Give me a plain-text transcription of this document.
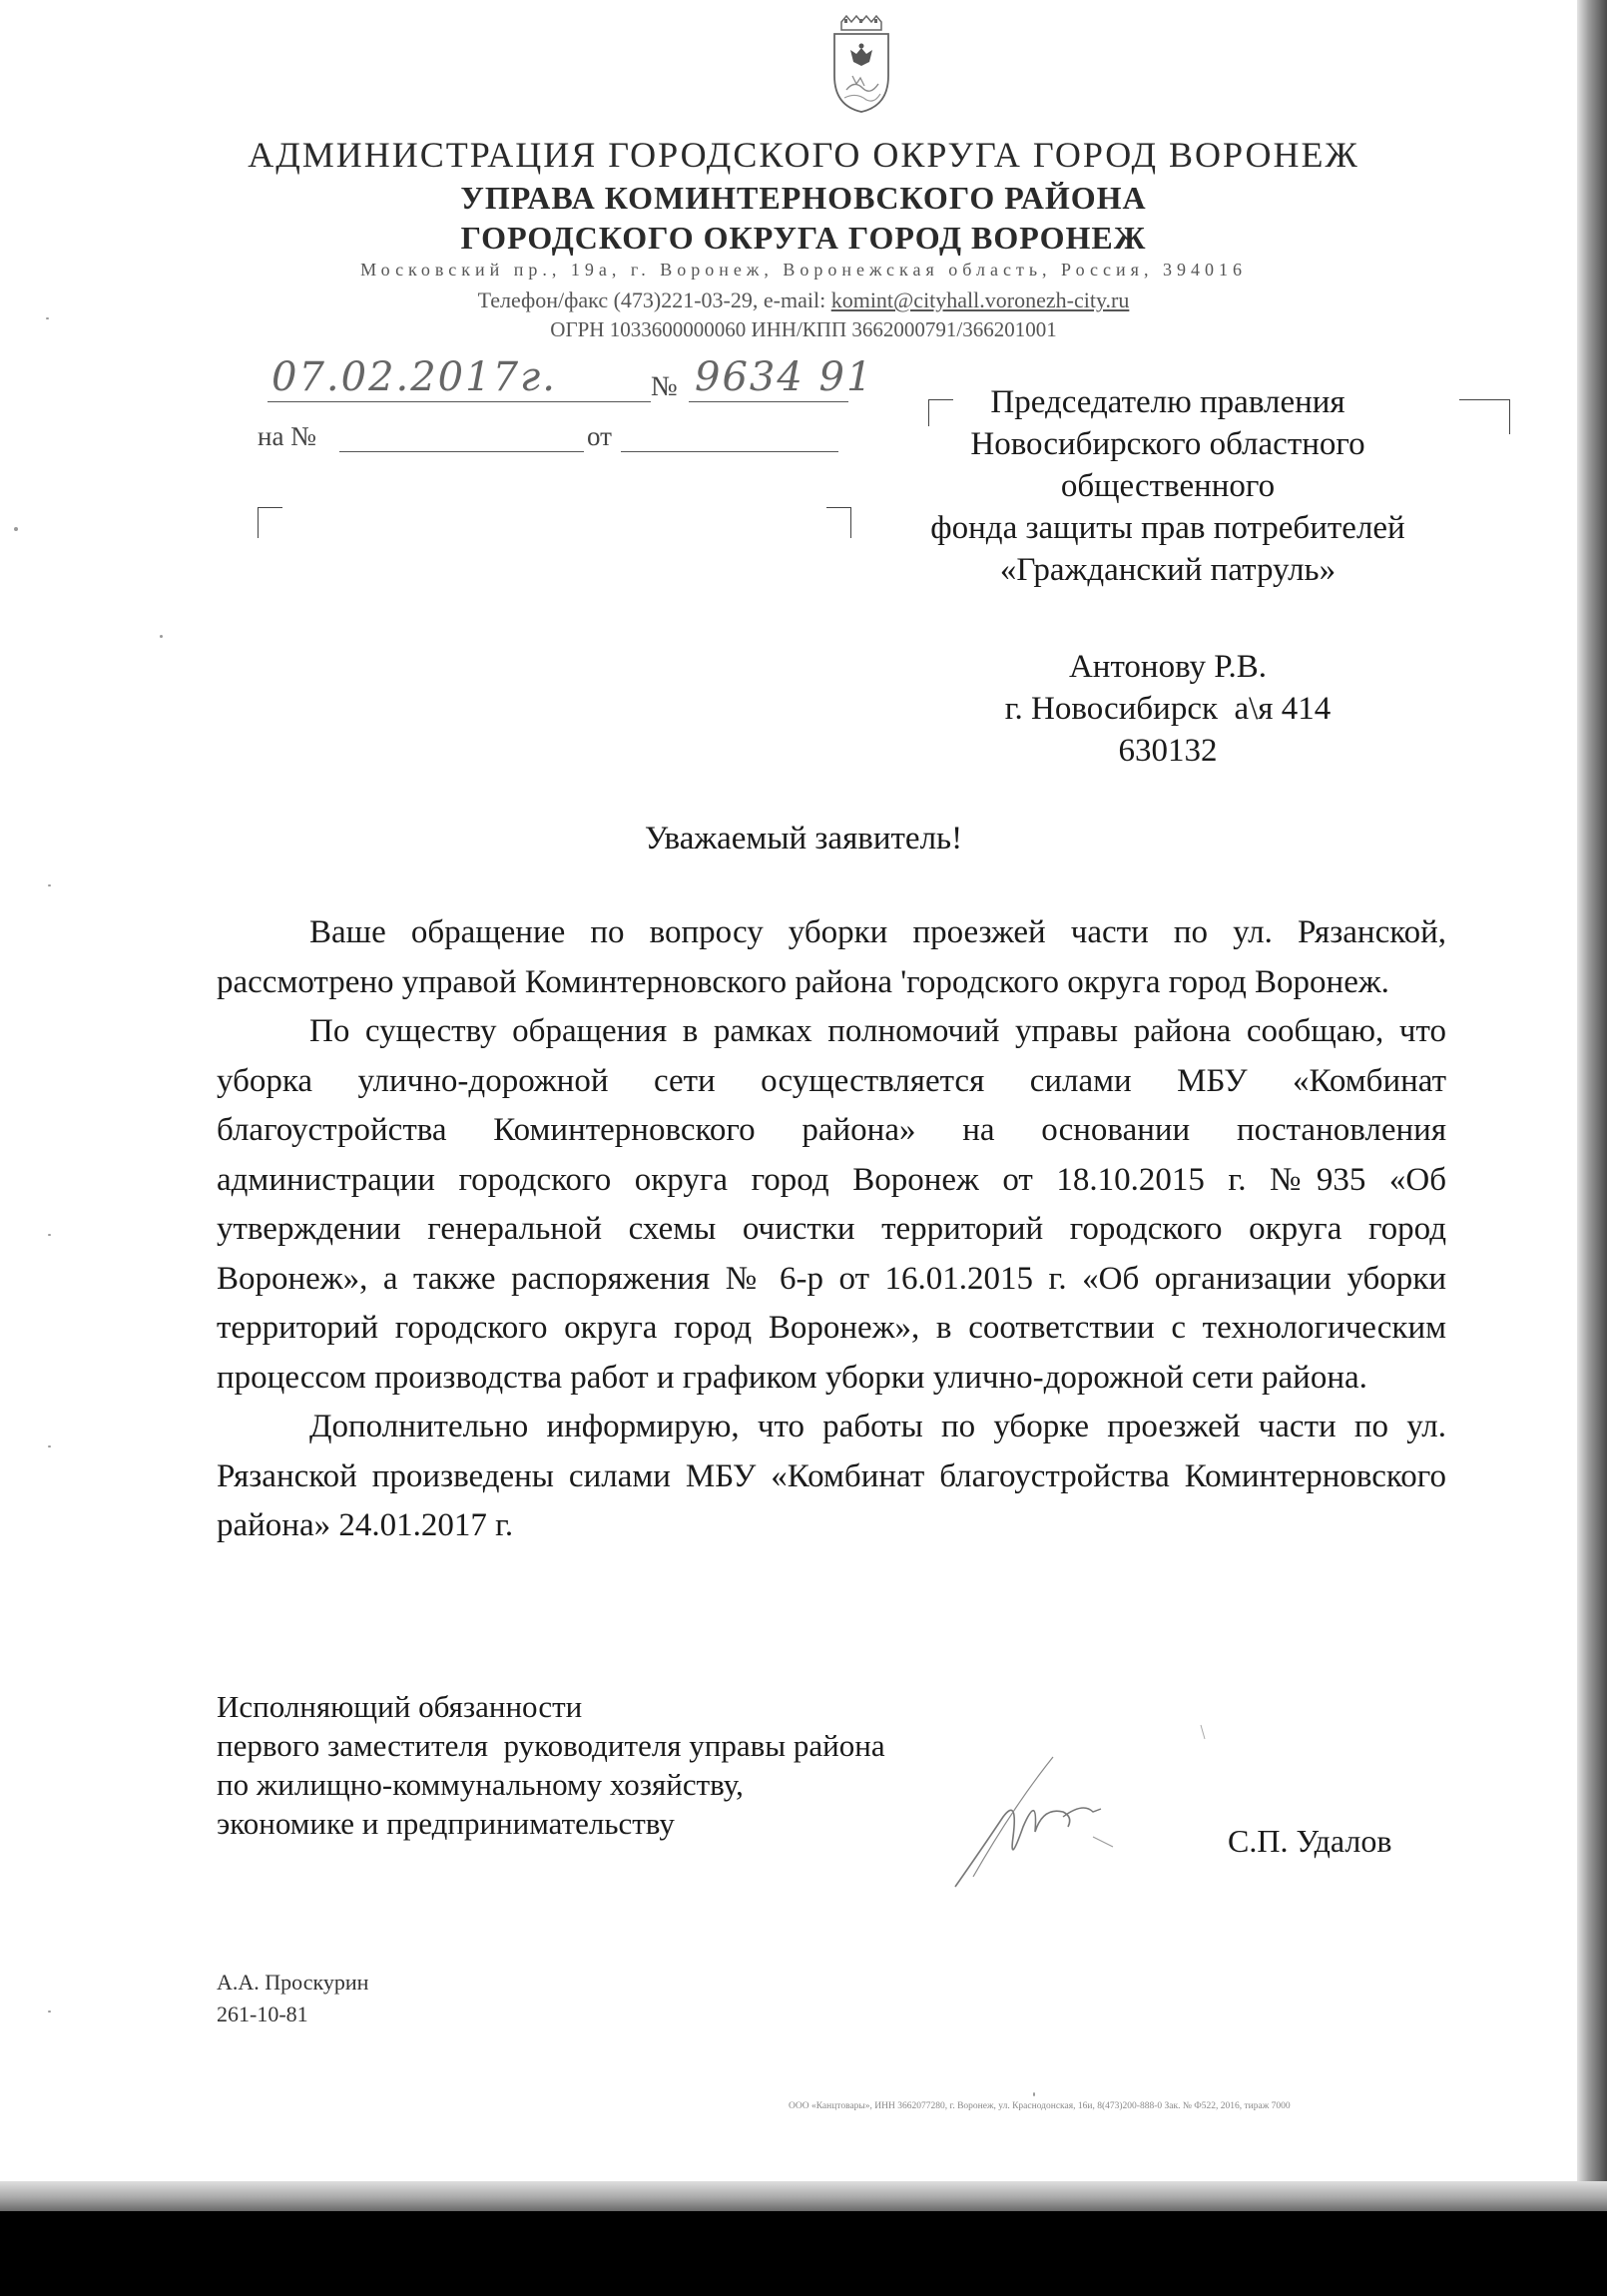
АДМИНИСТРАЦИЯ ГОРОДСКОГО ОКРУГА ГОРОД ВОРОНЕЖ
УПРАВА КОМИНТЕРНОВСКОГО РАЙОНА
ГОРОДСКОГО ОКРУГА ГОРОД ВОРОНЕЖ
Московский пр., 19а, г. Воронеж, Воронежская область, Россия, 394016
Телефон/факс (473)221-03-29, e-mail: komint@cityhall.voronezh-city.ru
ОГРН 1033600000060 ИНН/КПП 3662000791/366201001
07.02.2017г.	№ 9634 91
на №	от
Председателю правления
Новосибирского областного
общественного
фонда защиты прав потребителей
«Гражданский патруль»
Антонову Р.В.
г. Новосибирск  а\я 414
630132
Уважаемый заявитель!

Ваше обращение по вопросу уборки проезжей части по ул. Рязанской, рассмотрено управой Коминтерновского района 'городского округа город Воронеж.

По существу обращения в рамках полномочий управы района сообщаю, что уборка улично-дорожной сети осуществляется силами МБУ «Комбинат благоустройства Коминтерновского района» на основании постановления администрации городского округа город Воронеж от 18.10.2015 г. №935 «Об утверждении генеральной схемы очистки территорий городского округа город Воронеж», а также распоряжения № 6-р от 16.01.2015 г. «Об организации уборки территорий городского округа город Воронеж», в соответствии с технологическим процессом производства работ и графиком уборки улично-дорожной сети района.

Дополнительно информирую, что работы по уборке проезжей части по ул. Рязанской произведены силами МБУ «Комбинат благоустройства Коминтерновского района» 24.01.2017 г.

Исполняющий обязанности
первого заместителя  руководителя управы района
по жилищно-коммунальному хозяйству,
экономике и предпринимательству	С.П. Удалов
А.А. Проскурин
261-10-81
ООО «Канцтовары», ИНН 3662077280, г. Воронеж, ул. Краснодонская, 16и, 8(473)200-888-0 Зак. № Ф522, 2016, тираж 7000
